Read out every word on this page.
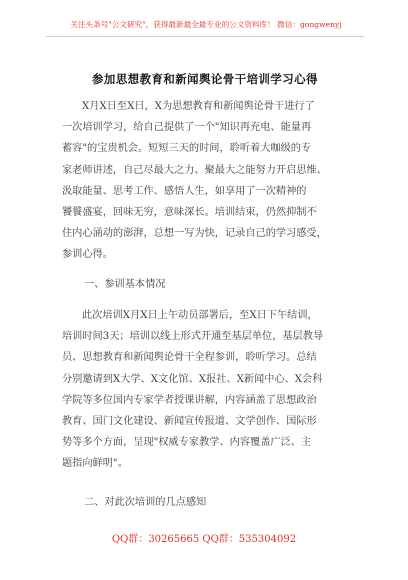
关注头条号"公文研究"，获得最新最全最专业的公文资料库！ 微信：gongwenyj
参加思想教育和新闻舆论骨干培训学习心得
X月X日至X日，X为思想教育和新闻舆论骨干进行了
一次培训学习，给自己提供了一个"知识再充电、能量再
蓄容"的宝贵机会。短短三天的时间，聆听着大咖级的专
家老师讲述，自己尽最大之力、聚最大之能努力开启思维、
汲取能量、思考工作、感悟人生，如享用了一次精神的
饕餮盛宴，回味无穷，意味深长。培训结束，仍然抑制不
住内心涌动的澎湃，总想一写为快，记录自己的学习感受，
参训心得。
一、参训基本情况
此次培训X月X日上午动员部署后，至X日下午结训，
培训时间3天；培训以线上形式开通至基层单位，基层教导
员、思想教育和新闻舆论骨干全程参训，聆听学习。总结
分别邀请到X大学、X文化馆、X报社、X新闻中心、X会科
学院等多位国内专家学者授课讲解，内容涵盖了思想政治
教育、国门文化建设、新闻宣传报道、文学创作、国际形
势等多个方面，呈现"权威专家教学、内容覆盖广泛、主
题指向鲜明"。
二、对此次培训的几点感知
QQ群：30265665 QQ群：535304092
